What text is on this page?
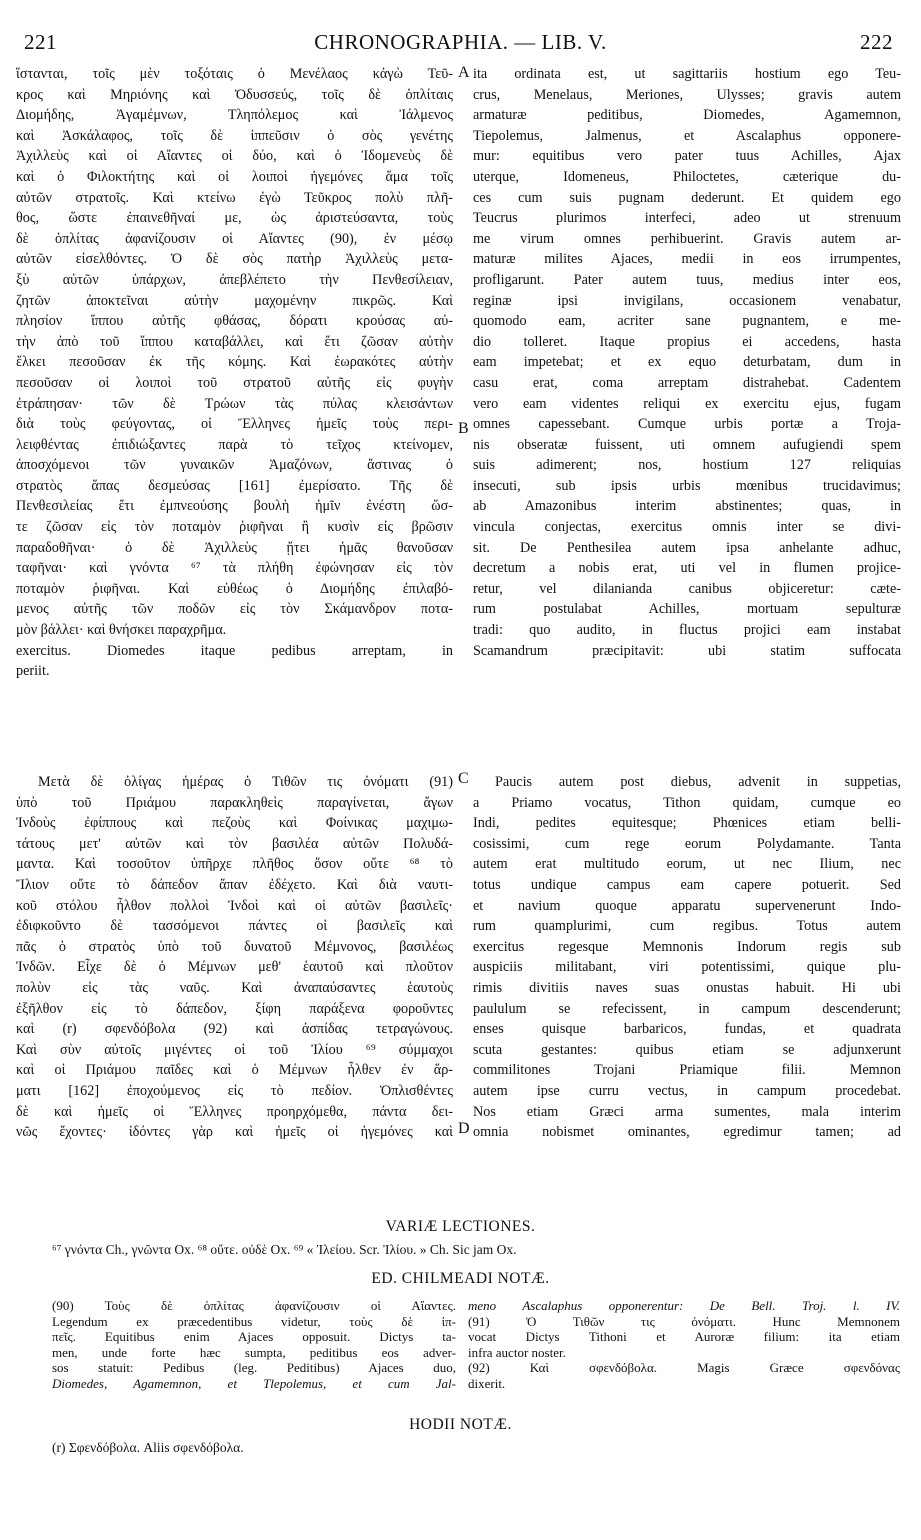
221	CHRONOGRAPHIA. — LIB. V.	222
A
B
C
D
ἵστανται, τοῖς μὲν τοξόταις ὁ Μενέλαος κἀγὼ Τεῦ-
κρος καὶ Μηριόνης καὶ Ὀδυσσεύς, τοῖς δὲ ὁπλίταις
Διομήδης, Ἀγαμέμνων, Τληπόλεμος καὶ Ἰάλμενος
καὶ Ἀσκάλαφος, τοῖς δὲ ἱππεῦσιν ὁ σὸς γενέτης
Ἀχιλλεὺς καὶ οἱ Αἴαντες οἱ δύο, καὶ ὁ Ἰδομενεὺς δὲ
καὶ ὁ Φιλοκτήτης καὶ οἱ λοιποὶ ἡγεμόνες ἅμα τοῖς
αὐτῶν στρατοῖς. Καὶ κτείνω ἐγὼ Τεῦκρος πολὺ πλῆ-
θος, ὥστε ἐπαινεθῆναί με, ὡς ἀριστεύσαντα, τοὺς
δὲ ὁπλίτας ἀφανίζουσιν οἱ Αἴαντες (90), ἐν μέσῳ
αὐτῶν εἰσελθόντες. Ὁ δὲ σὸς πατὴρ Ἀχιλλεὺς μετα-
ξὺ αὐτῶν ὑπάρχων, ἀπεβλέπετο τὴν Πενθεσίλειαν,
ζητῶν ἀποκτεῖναι αὐτὴν μαχομένην πικρῶς. Καὶ
πλησίον ἵππου αὐτῆς φθάσας, δόρατι κρούσας αὐ-
τὴν ἀπὸ τοῦ ἵππου καταβάλλει, καὶ ἔτι ζῶσαν αὐτὴν
ἕλκει πεσοῦσαν ἐκ τῆς κόμης. Καὶ ἑωρακότες αὐτὴν
πεσοῦσαν οἱ λοιποὶ τοῦ στρατοῦ αὐτῆς εἰς φυγὴν
ἐτράπησαν· τῶν δὲ Τρώων τὰς πύλας κλεισάντων
διὰ τοὺς φεύγοντας, οἱ Ἕλληνες ἡμεῖς τοὺς περι-
λειφθέντας ἐπιδιώξαντες παρὰ τὸ τεῖχος κτείνομεν,
ἀποσχόμενοι τῶν γυναικῶν Ἀμαζόνων, ἅστινας ὁ
στρατὸς ἅπας δεσμεύσας [161] ἐμερίσατο. Τῆς δὲ
Πενθεσιλείας ἔτι ἐμπνεούσης βουλὴ ἡμῖν ἐνέστη ὥσ-
τε ζῶσαν εἰς τὸν ποταμὸν ῥιφῆναι ἢ κυσὶν εἰς βρῶσιν
παραδοθῆναι· ὁ δὲ Ἀχιλλεὺς ᾔτει ἡμᾶς θανοῦσαν
ταφῆναι· καὶ γνόντα ⁶⁷ τὰ πλήθη ἐφώνησαν εἰς τὸν
ποταμὸν ῥιφῆναι. Καὶ εὐθέως ὁ Διομήδης ἐπιλαβό-
μενος αὐτῆς τῶν ποδῶν εἰς τὸν Σκάμανδρον ποτα-
μὸν βάλλει· καὶ θνήσκει παραχρῆμα.
exercitus. Diomedes itaque pedibus arreptam, in
periit.
ita ordinata est, ut sagittariis hostium ego Teu-
crus, Menelaus, Meriones, Ulysses; gravis autem
armaturæ peditibus, Diomedes, Agamemnon,
Tiepolemus, Jalmenus, et Ascalaphus opponere-
mur: equitibus vero pater tuus Achilles, Ajax
uterque, Idomeneus, Philoctetes, cæterique du-
ces cum suis pugnam dederunt. Et quidem ego
Teucrus plurimos interfeci, adeo ut strenuum
me virum omnes perhibuerint. Gravis autem ar-
maturæ milites Ajaces, medii in eos irrumpentes,
profligarunt. Pater autem tuus, medius inter eos,
reginæ ipsi invigilans, occasionem venabatur,
quomodo eam, acriter sane pugnantem, e me-
dio tolleret. Itaque propius ei accedens, hasta
eam impetebat; et ex equo deturbatam, dum in
casu erat, coma arreptam distrahebat. Cadentem
vero eam videntes reliqui ex exercitu ejus, fugam
omnes capessebant. Cumque urbis portæ a Troja-
nis obseratæ fuissent, uti omnem aufugiendi spem
suis adimerent; nos, hostium 127 reliquias
insecuti, sub ipsis urbis mœnibus trucidavimus;
ab Amazonibus interim abstinentes; quas, in
vincula conjectas, exercitus omnis inter se divi-
sit. De Penthesilea autem ipsa anhelante adhuc,
decretum a nobis erat, uti vel in flumen projice-
retur, vel dilanianda canibus objiceretur: cæte-
rum postulabat Achilles, mortuam sepulturæ
tradi: quo audito, in fluctus projici eam instabat
Scamandrum præcipitavit: ubi statim suffocata
Μετὰ δὲ ὀλίγας ἡμέρας ὁ Τιθῶν τις ὀνόματι (91)
ὑπὸ τοῦ Πριάμου παρακληθεὶς παραγίνεται, ἄγων
Ἰνδοὺς ἐφίππους καὶ πεζοὺς καὶ Φοίνικας μαχιμω-
τάτους μετ' αὐτῶν καὶ τὸν βασιλέα αὐτῶν Πολυδά-
μαντα. Καὶ τοσοῦτον ὑπῆρχε πλῆθος ὅσον οὔτε ⁶⁸ τὸ
Ἴλιον οὔτε τὸ δάπεδον ἅπαν ἐδέχετο. Καὶ διὰ ναυτι-
κοῦ στόλου ἦλθον πολλοὶ Ἰνδοὶ καὶ οἱ αὐτῶν βασιλεῖς·
ἐδιφκοῦντο δὲ τασσόμενοι πάντες οἱ βασιλεῖς καὶ
πᾶς ὁ στρατὸς ὑπὸ τοῦ δυνατοῦ Μέμνονος, βασιλέως
Ἰνδῶν. Εἶχε δὲ ὁ Μέμνων μεθ' ἑαυτοῦ καὶ πλοῦτον
πολὺν εἰς τὰς ναῦς. Καὶ ἀναπαύσαντες ἑαυτοὺς
ἐξῆλθον εἰς τὸ δάπεδον, ξίφη παράξενα φοροῦντες
καὶ (r) σφενδόβολα (92) καὶ ἀσπίδας τετραγώνους.
Καὶ σὺν αὐτοῖς μιγέντες οἱ τοῦ Ἰλίου ⁶⁹ σύμμαχοι
καὶ οἱ Πριάμου παῖδες καὶ ὁ Μέμνων ἦλθεν ἐν ἅρ-
ματι [162] ἐποχούμενος εἰς τὸ πεδίον. Ὁπλισθέντες
δὲ καὶ ἡμεῖς οἱ Ἕλληνες προηρχόμεθα, πάντα δει-
νῶς ἔχοντες· ἰδόντες γὰρ καὶ ἡμεῖς οἱ ἡγεμόνες καὶ
Paucis autem post diebus, advenit in suppetias,
a Priamo vocatus, Tithon quidam, cumque eo
Indi, pedites equitesque; Phœnices etiam belli-
cosissimi, cum rege eorum Polydamante. Tanta
autem erat multitudo eorum, ut nec Ilium, nec
totus undique campus eam capere potuerit. Sed
et navium quoque apparatu supervenerunt Indo-
rum quamplurimi, cum regibus. Totus autem
exercitus regesque Memnonis Indorum regis sub
auspiciis militabant, viri potentissimi, quique plu-
rimis divitiis naves suas onustas habuit. Hi ubi
paululum se refecissent, in campum descenderunt;
enses quisque barbaricos, fundas, et quadrata
scuta gestantes: quibus etiam se adjunxerunt
commilitones Trojani Priamique filii. Memnon
autem ipse curru vectus, in campum procedebat.
Nos etiam Græci arma sumentes, mala interim
omnia nobismet ominantes, egredimur tamen; ad
VARIÆ LECTIONES.
⁶⁷ γνόντα Ch., γνῶντα Ox. ⁶⁸ οὔτε. οὐδὲ Ox. ⁶⁹ « Ἰλείου. Scr. Ἰλίου. » Ch. Sic jam Ox.
ED. CHILMEADI NOTÆ.
(90) Τοὺς δὲ ὁπλίτας ἀφανίζουσιν οἱ Αἴαντες.
Legendum ex præcedentibus videtur, τοὺς δὲ ἱπ-
πεῖς. Equitibus enim Ajaces opposuit. Dictys ta-
men, unde forte hæc sumpta, peditibus eos adver-
sos statuit: Pedibus (leg. Peditibus) Ajaces duo,
Diomedes, Agamemnon, et Tlepolemus, et cum Jal-
meno Ascalaphus opponerentur: De Bell. Troj. l. IV.
(91) Ὁ Τιθῶν τις ὀνόματι. Hunc Memnonem
vocat Dictys Tithoni et Auroræ filium: ita etiam
infra auctor noster.
(92) Καὶ σφενδόβολα. Magis Græce σφενδόνας
dixerit.
HODII NOTÆ.
(r) Σφενδόβολα. Aliis σφενδόβολα.
